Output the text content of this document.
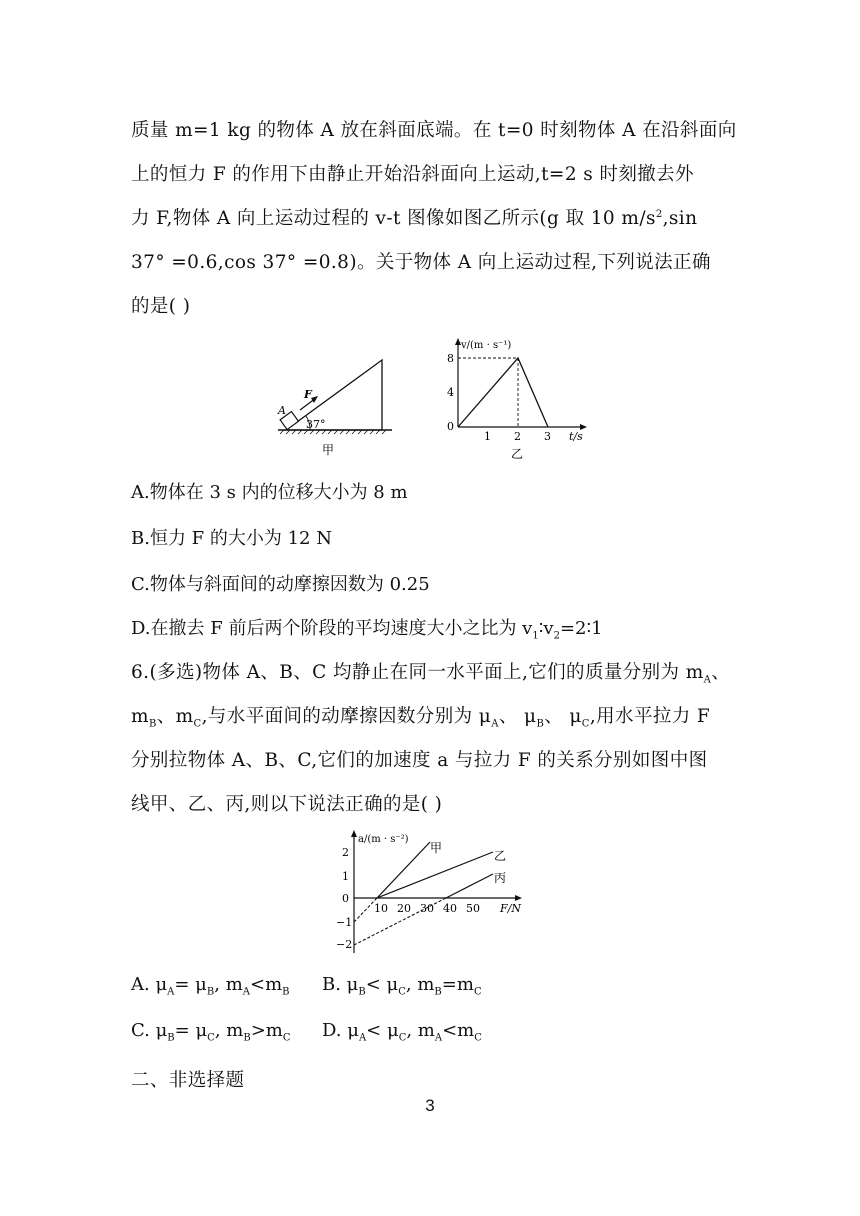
质量 m=1 kg 的物体 A 放在斜面底端。在 t=0 时刻物体 A 在沿斜面向
上的恒力 F 的作用下由静止开始沿斜面向上运动,t=2 s 时刻撤去外
力 F,物体 A 向上运动过程的 v-t 图像如图乙所示(g 取 10 $m/s^2,\sin$
37° =0.6,cos 37° =0.8)。关于物体 A 向上运动过程,下列说法正确
的是( )
F
A
37°
甲
v/(m · s⁻¹)
t/s
8
4
0
1 2 3
乙
A.物体在 3 s 内的位移大小为 8 m
B.恒力 F 的大小为 12 N
C.物体与斜面间的动摩擦因数为 0.25
D.在撤去 F 前后两个阶段的平均速度大小之比为 $v_1∶v_2=2∶1$
6.(多选)物体 A、B、C 均静止在同一水平面上,它们的质量分别为 $m_A$、
$m_B$、$m_C$,与水平面间的动摩擦因数分别为 $\mu_A$、 $\mu_B$、 $\mu_C$,用水平拉力 F
分别拉物体 A、B、C,它们的加速度 a 与拉力 F 的关系分别如图中图
线甲、乙、丙,则以下说法正确的是( )
a/(m · s⁻²)
F/N
2
1
0
−1
−2
10 20 30 40 50
甲
乙
丙
A. $\mu_A= \mu_B$, $m_A<m_B$ B. $\mu_B< \mu_C$, $m_B=m_C$
C. $\mu_B= \mu_C$, $m_B>m_C$ D. $\mu_A< \mu_C$, $m_A<m_C$
二、非选择题
3
